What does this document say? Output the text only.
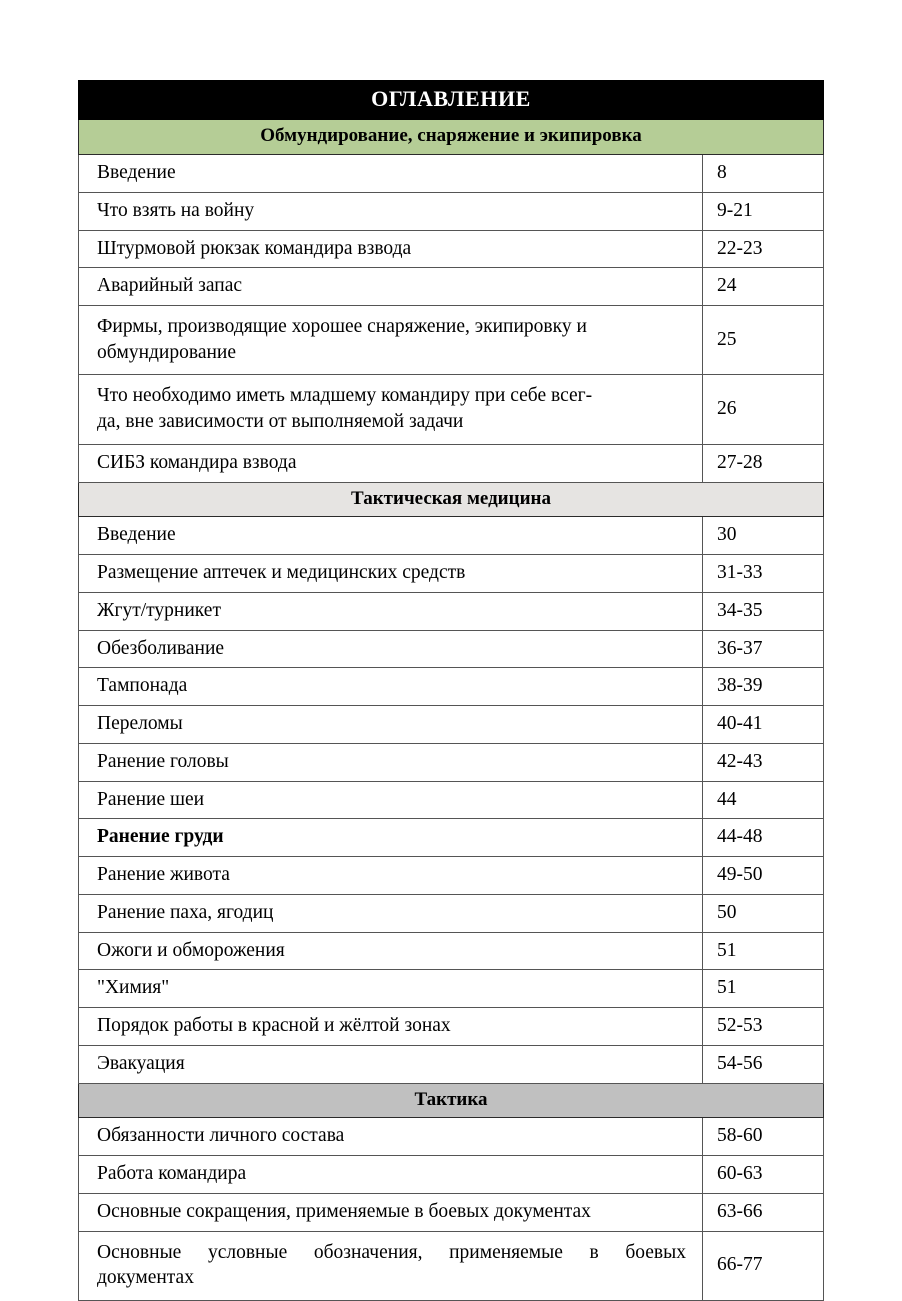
ОГЛАВЛЕНИЕ	
Обмундирование, снаряжение и экипировка	
Введение	8
Что взять на войну	9-21
Штурмовой рюкзак командира взвода	22-23
Аварийный запас	24

Фирмы, производящие хорошее снаряжение, экипировку и
обмундирование	25

Что необходимо иметь младшему командиру при себе всег-
да, вне зависимости от выполняемой задачи	26
СИБЗ командира взвода	27-28
Тактическая медицина	
Введение	30
Размещение аптечек и медицинских средств	31-33
Жгут/турникет	34-35
Обезболивание	36-37
Тампонада	38-39
Переломы	40-41
Ранение головы	42-43
Ранение шеи	44
Ранение груди	44-48
Ранение живота	49-50
Ранение паха, ягодиц	50
Ожоги и обморожения	51
"Химия"	51
Порядок работы в красной и жёлтой зонах	52-53
Эвакуация	54-56
Тактика	
Обязанности личного состава	58-60
Работа командира	60-63
Основные сокращения, применяемые в боевых документах	63-66

Основные условные обозначения, применяемые в боевых
документах	66-77
